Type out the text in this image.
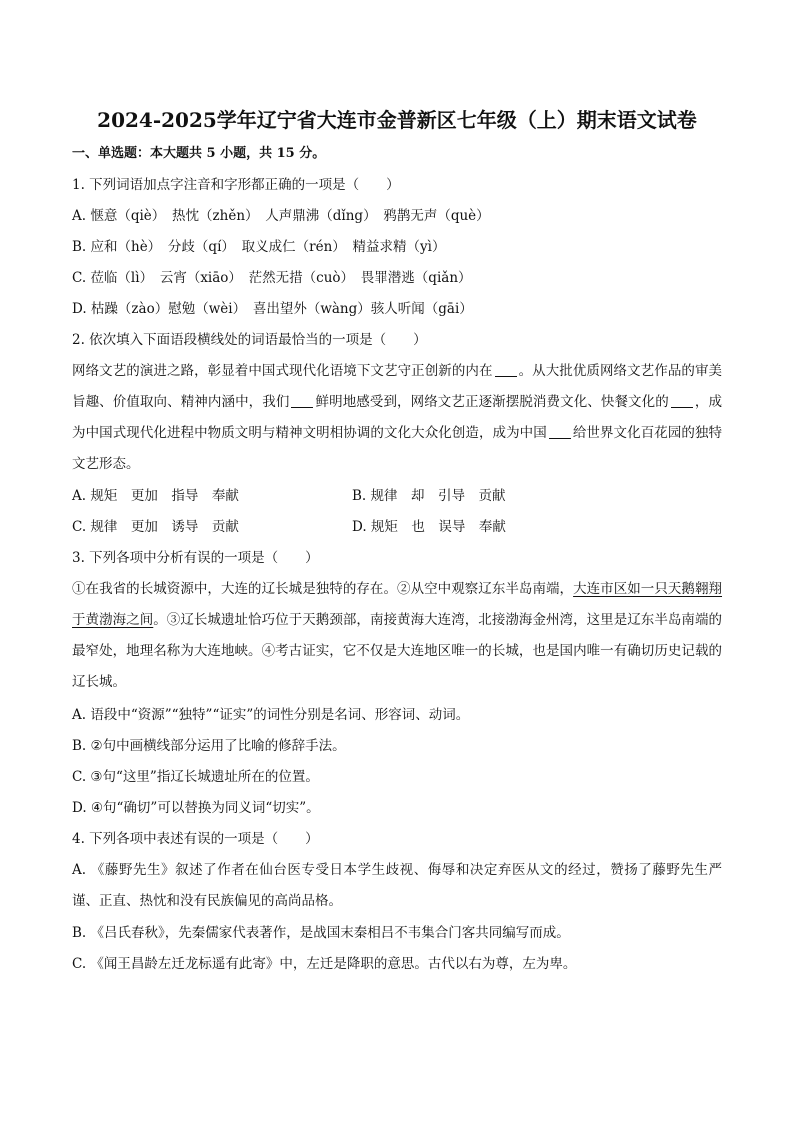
2024-2025学年辽宁省大连市金普新区七年级（上）期末语文试卷
一、单选题：本大题共 5 小题，共 15 分。
1. 下列词语加点字注音和字形都正确的一项是（　　）
A. 惬意（qiè）　热忱（zhěn）　人声鼎沸（dǐng）　鸦鹊无声（què）
B. 应和（hè）　分歧（qí）　取义成仁（rén）　精益求精（yì）
C. 莅临（lì）　云宵（xiāo）　茫然无措（cuò）　畏罪潜逃（qiǎn）
D. 枯躁（zào）慰勉（wèi）　喜出望外（wàng）骇人听闻（gāi）
2. 依次填入下面语段横线处的词语最恰当的一项是（　　）
网络文艺的演进之路，彰显着中国式现代化语境下文艺守正创新的内在 。从大批优质网络文艺作品的审美旨趣、价值取向、精神内涵中，我们 鲜明地感受到，网络文艺正逐渐摆脱消费文化、快餐文化的 ，成为中国式现代化进程中物质文明与精神文明相协调的文化大众化创造，成为中国 给世界文化百花园的独特文艺形态。
A. 规矩　更加　指导　奉献	B. 规律　却　引导　贡献
C. 规律　更加　诱导　贡献	D. 规矩　也　误导　奉献
3. 下列各项中分析有误的一项是（　　）
①在我省的长城资源中，大连的辽长城是独特的存在。②从空中观察辽东半岛南端，大连市区如一只天鹅翱翔于黄渤海之间。③辽长城遗址恰巧位于天鹅颈部，南接黄海大连湾，北接渤海金州湾，这里是辽东半岛南端的最窄处，地理名称为大连地峡。④考古证实，它不仅是大连地区唯一的长城，也是国内唯一有确切历史记载的辽长城。
A. 语段中“资源”“独特”“证实”的词性分别是名词、形容词、动词。
B. ②句中画横线部分运用了比喻的修辞手法。
C. ③句“这里”指辽长城遗址所在的位置。
D. ④句“确切”可以替换为同义词“切实”。
4. 下列各项中表述有误的一项是（　　）
A. 《藤野先生》叙述了作者在仙台医专受日本学生歧视、侮辱和决定弃医从文的经过，赞扬了藤野先生严谨、正直、热忱和没有民族偏见的高尚品格。
B. 《吕氏春秋》，先秦儒家代表著作，是战国末秦相吕不韦集合门客共同编写而成。
C. 《闻王昌龄左迁龙标遥有此寄》中，左迁是降职的意思。古代以右为尊，左为卑。
